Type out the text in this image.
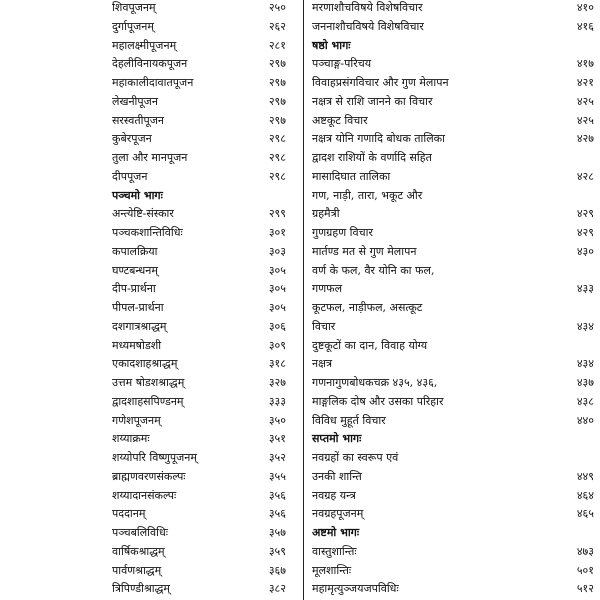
शिवपूजनम्	२५०
दुर्गापूजनम्	२६२
महालक्ष्मीपूजनम्	२८१
देहलीविनायकपूजन	२९७
महाकालीदावातपूजन	२९७
लेखनीपूजन	२९७
सरस्वतीपूजन	२९७
कुबेरपूजन	२९८
तुला और मानपूजन	२९८
दीपपूजन	२९८
पञ्चमो भागः
अन्त्येष्टि-संस्कार	२९९
पञ्चकशान्तिविधिः	३०१
कपालक्रिया	३०३
घण्टबन्धनम्	३०५
दीप-प्रार्थना	३०५
पीपल-प्रार्थना	३०५
दशगात्रश्राद्धम्	३०६
मध्यमषोडशी	३०९
एकादशाहश्राद्धम्	३१८
उत्तम षोडशश्राद्धम्	३२७
द्वादशाहसपिण्डनम्	३३३
गणेशपूजनम्	३५०
शय्याक्रमः	३५१
शय्योपरि विष्णुपूजनम्	३५२
ब्राह्मणवरणसंकल्पः	३५५
शय्यादानसंकल्पः	३५६
पददानम्	३५६
पञ्चबलिविधिः	३५७
वार्षिकश्राद्धम्	३५९
पार्वणश्राद्धम्	३६७
त्रिपिण्डीश्राद्धम्	३८२
मरणाशौचविषये विशेषविचार	४१०
जननाशौचविषये विशेषविचार	४१६
षष्ठो भागः
पञ्चाङ्ग-परिचय	४१७
विवाहप्रसंगविचार और गुण मेलापन	४२१
नक्षत्र से राशि जानने का विचार	४२५
अष्टकूट विचार	४२५
नक्षत्र योनि गणादि बोधक तालिका	४२७
द्वादश राशियों के वर्णादि सहित
मासादिघात तालिका	४२८
गण, नाड़ी, तारा, भकूट और
ग्रहमैत्री	४२९
गुणग्रहण विचार	४२९
मार्तण्ड मत से गुण मेलापन	४३०
वर्ण के फल, वैर योनि का फल,
गणफल	४३३
कूटफल, नाड़ीफल, असत्कूट
विचार	४३४
दुष्टकूटों का दान, विवाह योग्य
नक्षत्र	४३४
गणनागुणबोधकचक्र ४३५, ४३६,	४३७
माङ्गलिक दोष और उसका परिहार	४३८
विविध मुहूर्त विचार	४४०
सप्तमो भागः
नवग्रहों का स्वरूप एवं
उनकी शान्ति	४४९
नवग्रह यन्त्र	४६४
नवग्रहपूजनम्	४६५
अष्टमो भागः
वास्तुशान्तिः	४७३
मूलशान्तिः	५०१
महामृत्युञ्जयजपविधिः	५१२
